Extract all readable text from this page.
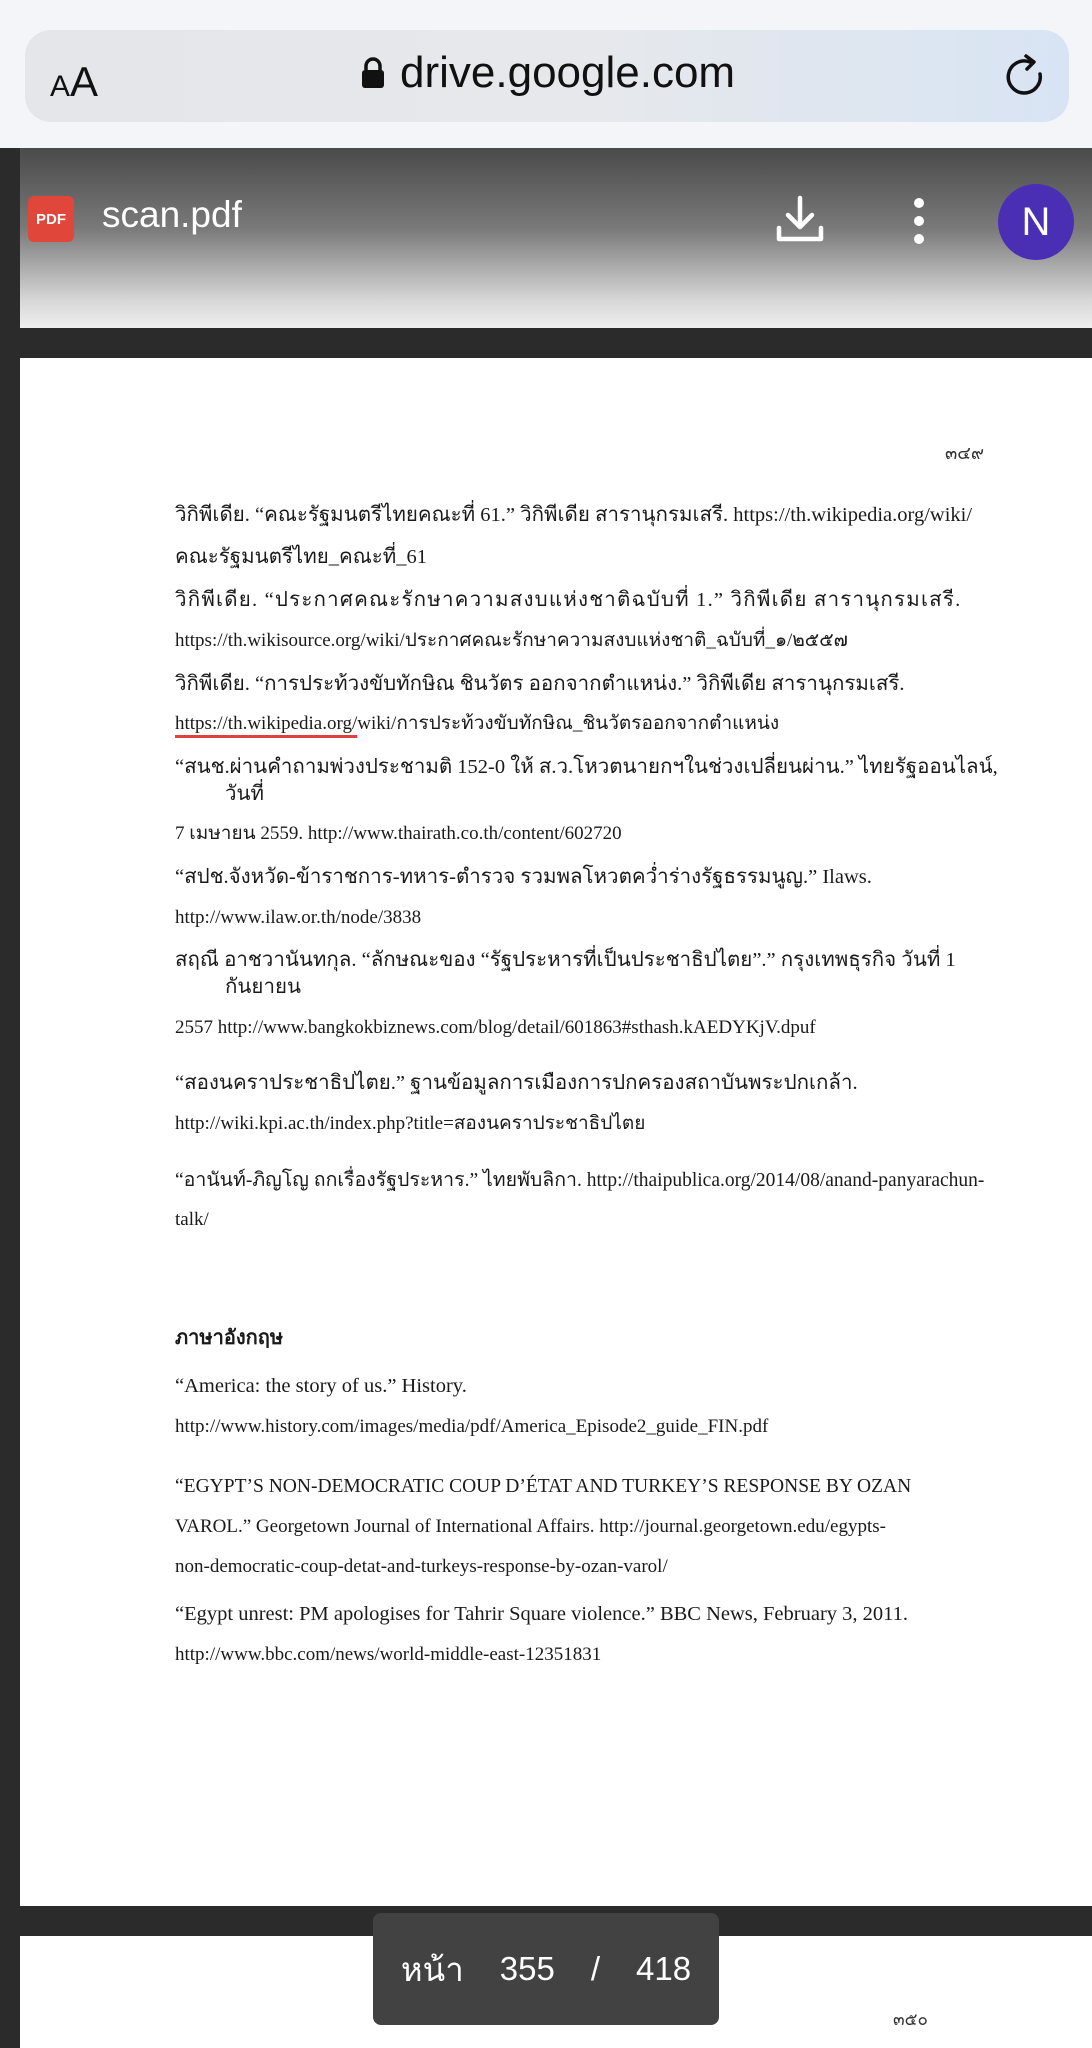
A A	drive.google.com
PDF scan.pdf	N
๓๔๙

วิกิพีเดีย. “คณะรัฐมนตรีไทยคณะที่ 61.” วิกิพีเดีย สารานุกรมเสรี. https://th.wikipedia.org/wiki/
คณะรัฐมนตรีไทย_คณะที่_61

วิกิพีเดีย. “ประกาศคณะรักษาความสงบแห่งชาติฉบับที่ 1.” วิกิพีเดีย สารานุกรมเสรี.
https://th.wikisource.org/wiki/ประกาศคณะรักษาความสงบแห่งชาติ_ฉบับที่_๑/๒๕๕๗

วิกิพีเดีย. “การประท้วงขับทักษิณ ชินวัตร ออกจากตำแหน่ง.” วิกิพีเดีย สารานุกรมเสรี.
https://th.wikipedia.org/wiki/การประท้วงขับทักษิณ_ชินวัตรออกจากตำแหน่ง

“สนช.ผ่านคำถามพ่วงประชามติ 152-0 ให้ ส.ว.โหวตนายกฯในช่วงเปลี่ยนผ่าน.” ไทยรัฐออนไลน์, วันที่
7 เมษายน 2559. http://www.thairath.co.th/content/602720

“สปช.จังหวัด-ข้าราชการ-ทหาร-ตำรวจ รวมพลโหวตคว่ำร่างรัฐธรรมนูญ.” Ilaws.
http://www.ilaw.or.th/node/3838

สฤณี อาชวานันทกุล. “ลักษณะของ “รัฐประหารที่เป็นประชาธิปไตย”.” กรุงเทพธุรกิจ วันที่ 1 กันยายน
2557 http://www.bangkokbiznews.com/blog/detail/601863#sthash.kAEDYKjV.dpuf

“สองนคราประชาธิปไตย.” ฐานข้อมูลการเมืองการปกครองสถาบันพระปกเกล้า.
http://wiki.kpi.ac.th/index.php?title=สองนคราประชาธิปไตย

“อานันท์-ภิญโญ ถกเรื่องรัฐประหาร.” ไทยพับลิกา. http://thaipublica.org/2014/08/anand-panyarachun-
talk/

ภาษาอังกฤษ

“America: the story of us.” History.
http://www.history.com/images/media/pdf/America_Episode2_guide_FIN.pdf

“EGYPT’S NON-DEMOCRATIC COUP D’ÉTAT AND TURKEY’S RESPONSE BY OZAN
VAROL.” Georgetown Journal of International Affairs. http://journal.georgetown.edu/egypts-
non-democratic-coup-detat-and-turkeys-response-by-ozan-varol/

“Egypt unrest: PM apologises for Tahrir Square violence.” BBC News, February 3, 2011.
http://www.bbc.com/news/world-middle-east-12351831

๓๕๐
หน้า 355 / 418
